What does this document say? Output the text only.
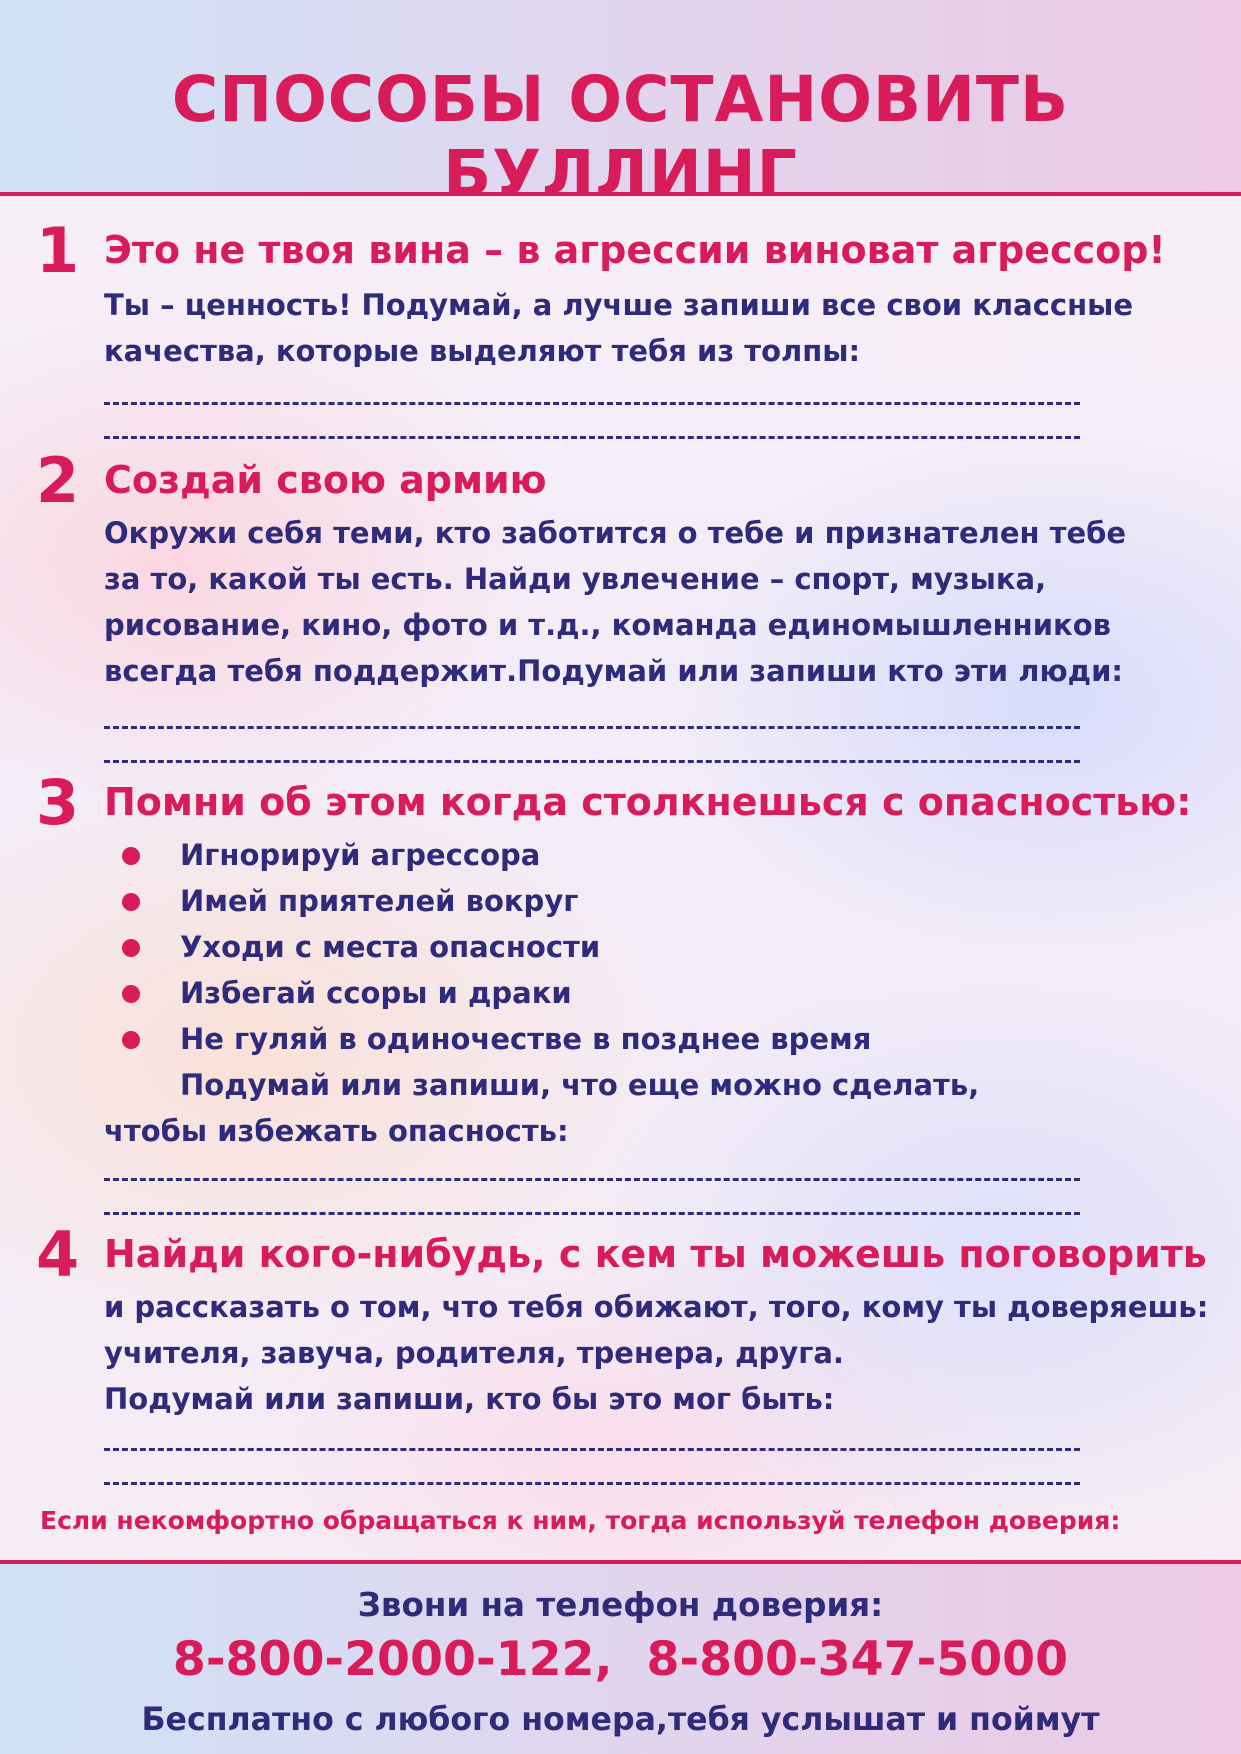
СПОСОБЫ ОСТАНОВИТЬ БУЛЛИНГ
1 Это не твоя вина – в агрессии виноват агрессор!
Ты – ценность! Подумай, а лучше запиши все свои классные
качества, которые выделяют тебя из толпы:
2 Создай свою армию
Окружи себя теми, кто заботится о тебе и признателен тебе
за то, какой ты есть. Найди увлечение – спорт, музыка,
рисование, кино, фото и т.д., команда единомышленников
всегда тебя поддержит.Подумай или запиши кто эти люди:
3 Помни об этом когда столкнешься с опасностью:
Игнорируй агрессора
Имей приятелей вокруг
Уходи с места опасности
Избегай ссоры и драки
Не гуляй в одиночестве в позднее время
Подумай или запиши, что еще можно сделать,
чтобы избежать опасность:
4 Найди кого-нибудь, с кем ты можешь поговорить
и рассказать о том, что тебя обижают, того, кому ты доверяешь:
учителя, завуча, родителя, тренера, друга.
Подумай или запиши, кто бы это мог быть:
Если некомфортно обращаться к ним, тогда используй телефон доверия:
Звони на телефон доверия:
8-800-2000-122, 8-800-347-5000
Бесплатно с любого номера,тебя услышат и поймут
